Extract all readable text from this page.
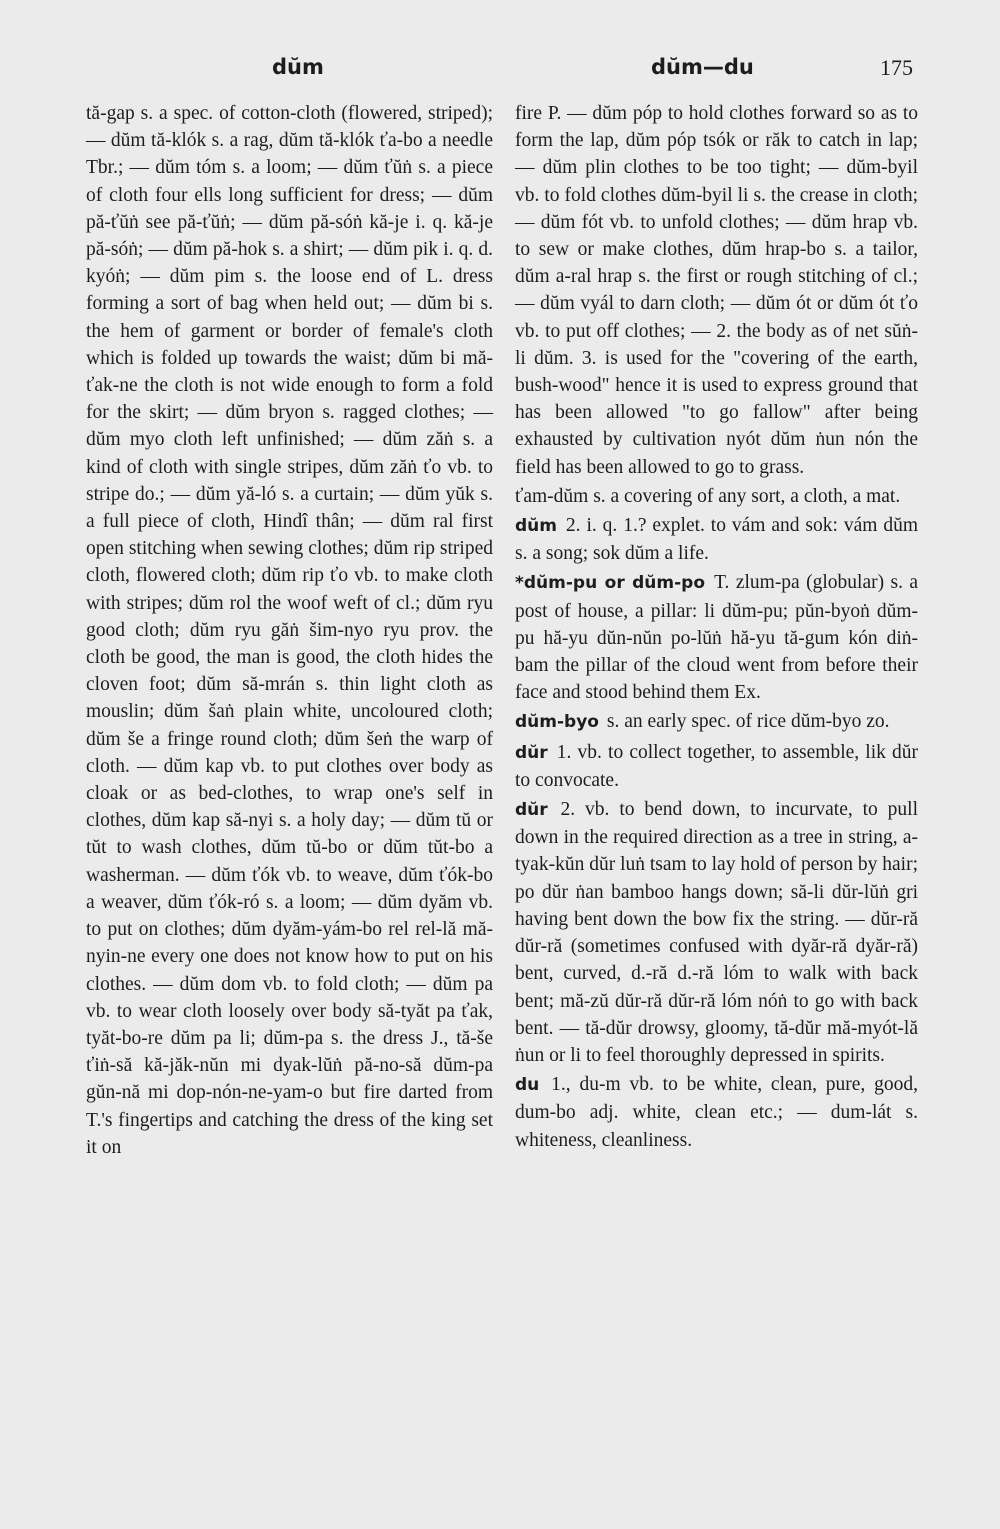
dŭm	dŭm—du	175

tă-gap s. a spec. of cotton-cloth (flowered, striped); — dŭm tă-klók s. a rag, dŭm tă-klók ťa-bo a needle Tbr.; — dŭm tóm s. a loom; — dŭm ťŭṅ s. a piece of cloth four ells long sufficient for dress; — dŭm pă-ťŭṅ see pă-ťŭṅ; — dŭm pă-sóṅ kă-je i. q. kă-je pă-sóṅ; — dŭm pă-hok s. a shirt; — dŭm pik i. q. d. kyóṅ; — dŭm pim s. the loose end of L. dress forming a sort of bag when held out; — dŭm bi s. the hem of garment or border of female's cloth which is folded up towards the waist; dŭm bi mă-ťak-ne the cloth is not wide enough to form a fold for the skirt; — dŭm bryon s. ragged clothes; — dŭm myo cloth left unfinished; — dŭm zăṅ s. a kind of cloth with single stripes, dŭm zăṅ ťo vb. to stripe do.; — dŭm yă-ló s. a curtain; — dŭm yŭk s. a full piece of cloth, Hindî thân; — dŭm ral first open stitching when sewing clothes; dŭm rip striped cloth, flowered cloth; dŭm rip ťo vb. to make cloth with stripes; dŭm rol the woof weft of cl.; dŭm ryu good cloth; dŭm ryu găṅ šim-nyo ryu prov. the cloth be good, the man is good, the cloth hides the cloven foot; dŭm să-mrán s. thin light cloth as mouslin; dŭm šaṅ plain white, uncoloured cloth; dŭm še a fringe round cloth; dŭm šeṅ the warp of cloth. — dŭm kap vb. to put clothes over body as cloak or as bed-clothes, to wrap one's self in clothes, dŭm kap să-nyi s. a holy day; — dŭm tŭ or tŭt to wash clothes, dŭm tŭ-bo or dŭm tŭt-bo a washerman. — dŭm ťók vb. to weave, dŭm ťók-bo a weaver, dŭm ťók-ró s. a loom; — dŭm dyăm vb. to put on clothes; dŭm dyăm-yám-bo rel rel-lă mă-nyin-ne every one does not know how to put on his clothes. — dŭm dom vb. to fold cloth; — dŭm pa vb. to wear cloth loosely over body să-tyăt pa ťak, tyăt-bo-re dŭm pa li; dŭm-pa s. the dress J., tă-še ťiṅ-să kă-jăk-nŭn mi dyak-lŭṅ pă-no-să dŭm-pa gŭn-nă mi dop-nón-ne-yam-o but fire darted from T.'s fingertips and catching the dress of the king set it on

fire P. — dŭm póp to hold clothes forward so as to form the lap, dŭm póp tsók or răk to catch in lap; — dŭm plin clothes to be too tight; — dŭm-byil vb. to fold clothes dŭm-byil li s. the crease in cloth; — dŭm fót vb. to unfold clothes; — dŭm hrap vb. to sew or make clothes, dŭm hrap-bo s. a tailor, dŭm a-ral hrap s. the first or rough stitching of cl.; — dŭm vyál to darn cloth; — dŭm ót or dŭm ót ťo vb. to put off clothes; — 2. the body as of net sŭṅ-li dŭm. 3. is used for the "covering of the earth, bush-wood" hence it is used to express ground that has been allowed "to go fallow" after being exhausted by cultivation nyót dŭm ṅun nón the field has been allowed to go to grass.

ťam-dŭm s. a covering of any sort, a cloth, a mat.

dŭm 2. i. q. 1.? explet. to vám and sok: vám dŭm s. a song; sok dŭm a life.

*dŭm-pu or dŭm-po T. zlum-pa (globular) s. a post of house, a pillar: li dŭm-pu; pŭn-byoṅ dŭm-pu hă-yu dŭn-nŭn po-lŭṅ hă-yu tă-gum kón diṅ-bam the pillar of the cloud went from before their face and stood behind them Ex.

dŭm-byo s. an early spec. of rice dŭm-byo zo.

dŭr 1. vb. to collect together, to assemble, lik dŭr to convocate.

dŭr 2. vb. to bend down, to incurvate, to pull down in the required direction as a tree in string, a-tyak-kŭn dŭr luṅ tsam to lay hold of person by hair; po dŭr ṅan bamboo hangs down; să-li dŭr-lŭṅ gri having bent down the bow fix the string. — dŭr-ră dŭr-ră (sometimes confused with dyăr-ră dyăr-ră) bent, curved, d.-ră d.-ră lóm to walk with back bent; mă-zŭ dŭr-ră dŭr-ră lóm nóṅ to go with back bent. — tă-dŭr drowsy, gloomy, tă-dŭr mă-myót-lă ṅun or li to feel thoroughly depressed in spirits.

du 1., du-m vb. to be white, clean, pure, good, dum-bo adj. white, clean etc.; — dum-lát s. whiteness, cleanliness.
